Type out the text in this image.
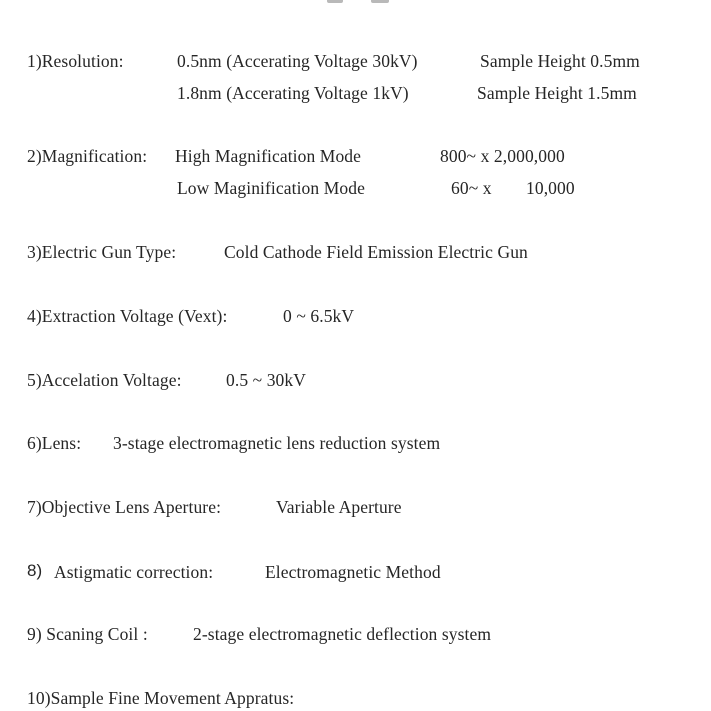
1)Resolution:	0.5nm (Accerating Voltage 30kV)	Sample Height 0.5mm
1.8nm (Accerating Voltage 1kV)	Sample Height 1.5mm
2)Magnification: High Magnification Mode	800~ x 2,000,000
Low Maginification Mode	60~ x 10,000
3)Electric Gun Type:	Cold Cathode Field Emission Electric Gun
4)Extraction Voltage (Vext):	0 ~ 6.5kV
5)Accelation Voltage:	0.5 ~ 30kV
6)Lens: 3-stage electromagnetic lens reduction system
7)Objective Lens Aperture:	Variable Aperture
8) Astigmatic correction:	Electromagnetic Method
9) Scaning Coil :	2-stage electromagnetic deflection system
10)Sample Fine Movement Appratus:
